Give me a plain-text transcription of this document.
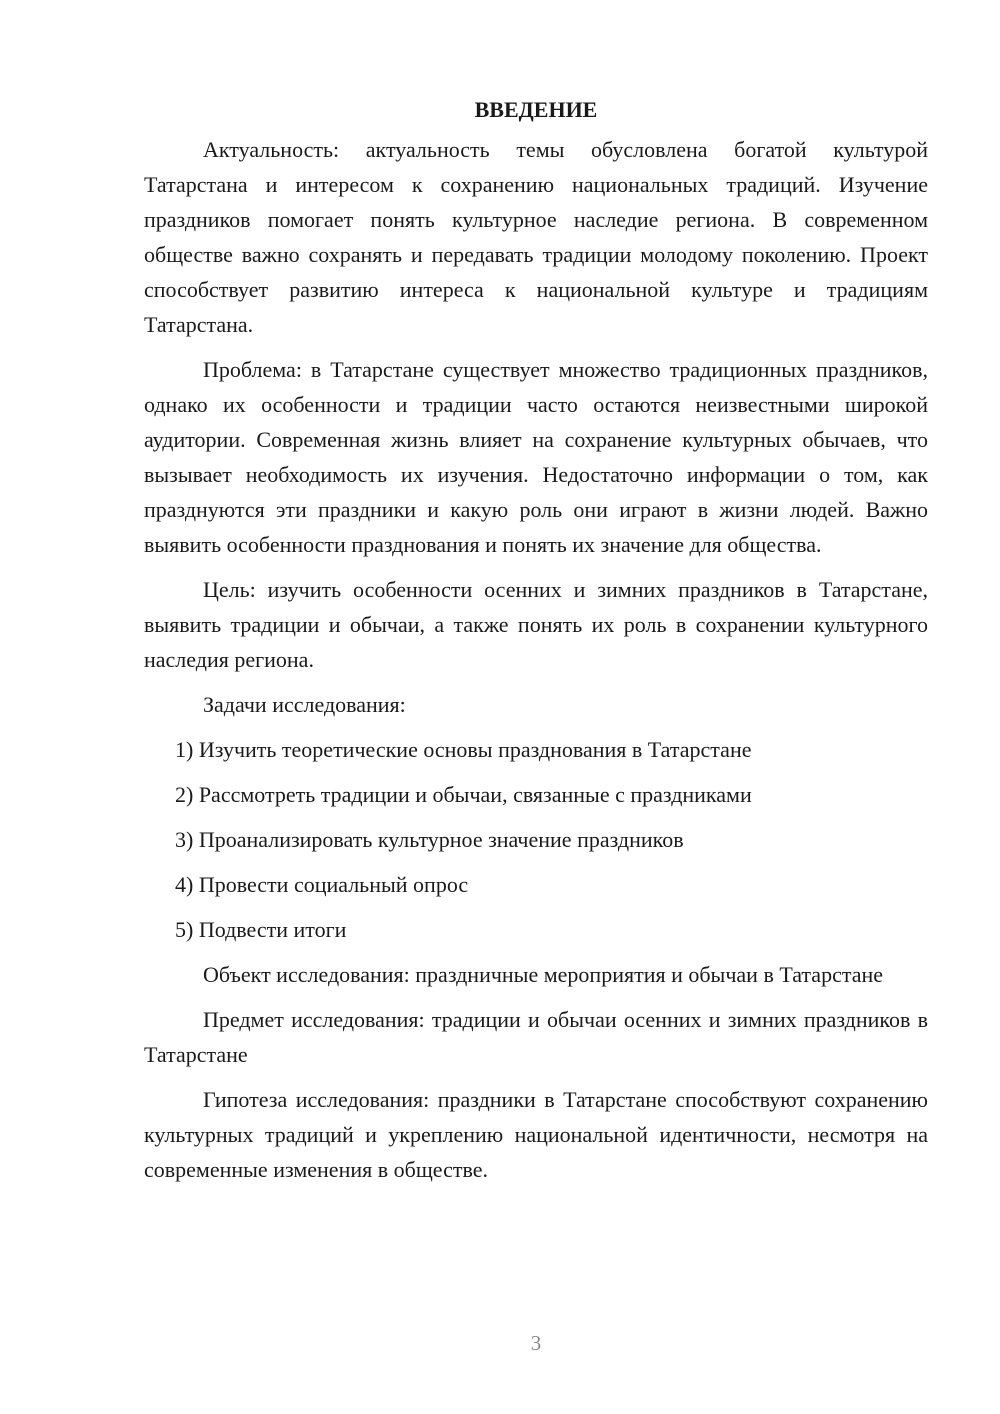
ВВЕДЕНИЕ

Актуальность: актуальность темы обусловлена богатой культурой Татарстана и интересом к сохранению национальных традиций. Изучение праздников помогает понять культурное наследие региона. В современном обществе важно сохранять и передавать традиции молодому поколению. Проект способствует развитию интереса к национальной культуре и традициям Татарстана.

Проблема: в Татарстане существует множество традиционных праздников, однако их особенности и традиции часто остаются неизвестными широкой аудитории. Современная жизнь влияет на сохранение культурных обычаев, что вызывает необходимость их изучения. Недостаточно информации о том, как празднуются эти праздники и какую роль они играют в жизни людей. Важно выявить особенности празднования и понять их значение для общества.

Цель: изучить особенности осенних и зимних праздников в Татарстане, выявить традиции и обычаи, а также понять их роль в сохранении культурного наследия региона.

Задачи исследования:

1) Изучить теоретические основы празднования в Татарстане

2) Рассмотреть традиции и обычаи, связанные с праздниками

3) Проанализировать культурное значение праздников

4) Провести социальный опрос

5) Подвести итоги

Объект исследования: праздничные мероприятия и обычаи в Татарстане

Предмет исследования: традиции и обычаи осенних и зимних праздников в Татарстане

Гипотеза исследования: праздники в Татарстане способствуют сохранению культурных традиций и укреплению национальной идентичности, несмотря на современные изменения в обществе.

3
